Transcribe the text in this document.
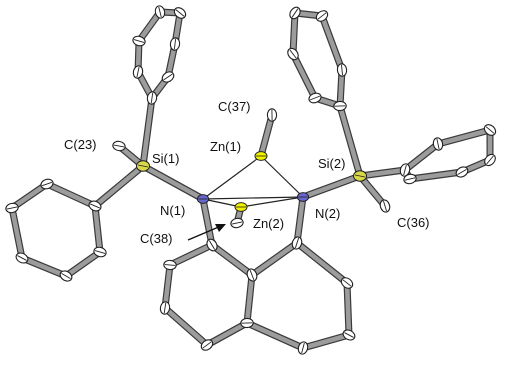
C(37)
C(23)
Si(1)
Zn(1)
Si(2)
N(1)
Zn(2)
N(2)
C(36)
C(38)
